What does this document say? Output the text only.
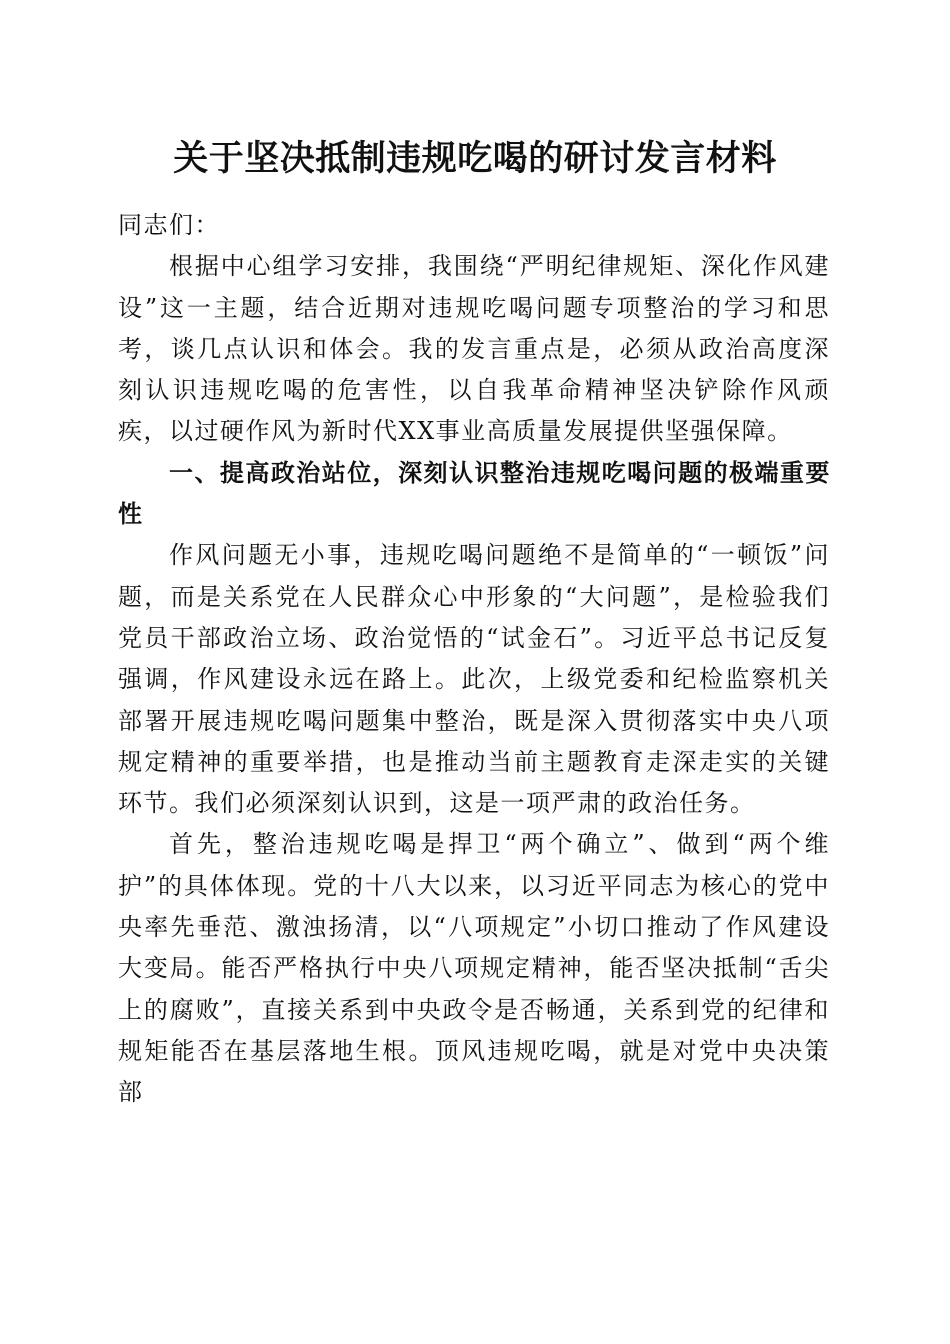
关于坚决抵制违规吃喝的研讨发言材料

同志们：

根据中心组学习安排，我围绕“严明纪律规矩、深化作风建设”这一主题，结合近期对违规吃喝问题专项整治的学习和思考，谈几点认识和体会。我的发言重点是，必须从政治高度深刻认识违规吃喝的危害性，以自我革命精神坚决铲除作风顽疾，以过硬作风为新时代XX事业高质量发展提供坚强保障。

一、提高政治站位，深刻认识整治违规吃喝问题的极端重要性

作风问题无小事，违规吃喝问题绝不是简单的“一顿饭”问题，而是关系党在人民群众心中形象的“大问题”，是检验我们党员干部政治立场、政治觉悟的“试金石”。习近平总书记反复强调，作风建设永远在路上。此次，上级党委和纪检监察机关部署开展违规吃喝问题集中整治，既是深入贯彻落实中央八项规定精神的重要举措，也是推动当前主题教育走深走实的关键环节。我们必须深刻认识到，这是一项严肃的政治任务。

首先，整治违规吃喝是捍卫“两个确立”、做到“两个维护”的具体体现。党的十八大以来，以习近平同志为核心的党中央率先垂范、激浊扬清，以“八项规定”小切口推动了作风建设大变局。能否严格执行中央八项规定精神，能否坚决抵制“舌尖上的腐败”，直接关系到中央政令是否畅通，关系到党的纪律和规矩能否在基层落地生根。顶风违规吃喝，就是对党中央决策部
